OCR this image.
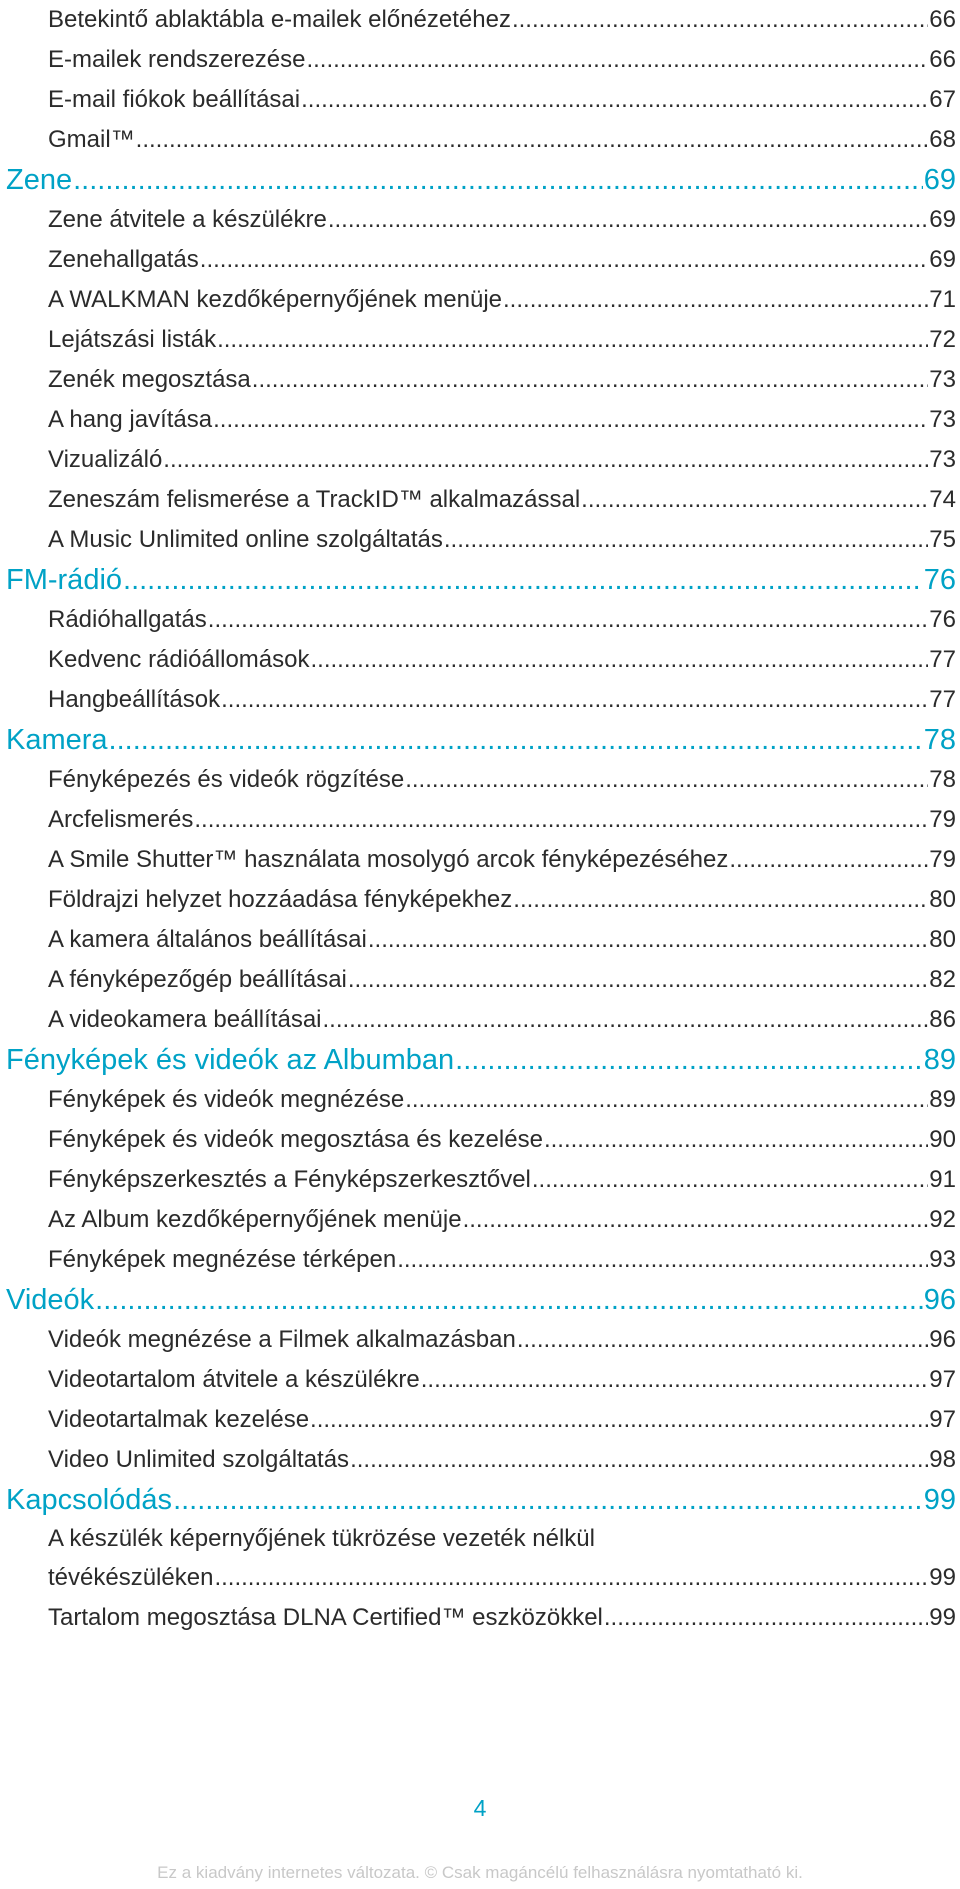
Betekintő ablaktábla e-mailek előnézetéhez .....	66
E-mailek rendszerezése .....	66
E-mail fiókok beállításai .....	67
Gmail™ .....	68
Zene .....	69
Zene átvitele a készülékre .....	69
Zenehallgatás .....	69
A WALKMAN kezdőképernyőjének menüje .....	71
Lejátszási listák .....	72
Zenék megosztása .....	73
A hang javítása .....	73
Vizualizáló .....	73
Zeneszám felismerése a TrackID™ alkalmazással .....	74
A Music Unlimited online szolgáltatás .....	75
FM-rádió .....	76
Rádióhallgatás .....	76
Kedvenc rádióállomások .....	77
Hangbeállítások .....	77
Kamera .....	78
Fényképezés és videók rögzítése .....	78
Arcfelismerés .....	79
A Smile Shutter™ használata mosolygó arcok fényképezéséhez .....	79
Földrajzi helyzet hozzáadása fényképekhez .....	80
A kamera általános beállításai .....	80
A fényképezőgép beállításai .....	82
A videokamera beállításai .....	86
Fényképek és videók az Albumban .....	89
Fényképek és videók megnézése .....	89
Fényképek és videók megosztása és kezelése .....	90
Fényképszerkesztés a Fényképszerkesztővel .....	91
Az Album kezdőképernyőjének menüje .....	92
Fényképek megnézése térképen .....	93
Videók .....	96
Videók megnézése a Filmek alkalmazásban .....	96
Videotartalom átvitele a készülékre .....	97
Videotartalmak kezelése .....	97
Video Unlimited szolgáltatás .....	98
Kapcsolódás .....	99
A készülék képernyőjének tükrözése vezeték nélkül
tévékészüléken .....	99
Tartalom megosztása DLNA Certified™ eszközökkel .....	99
4
Ez a kiadvány internetes változata. © Csak magáncélú felhasználásra nyomtatható ki.
